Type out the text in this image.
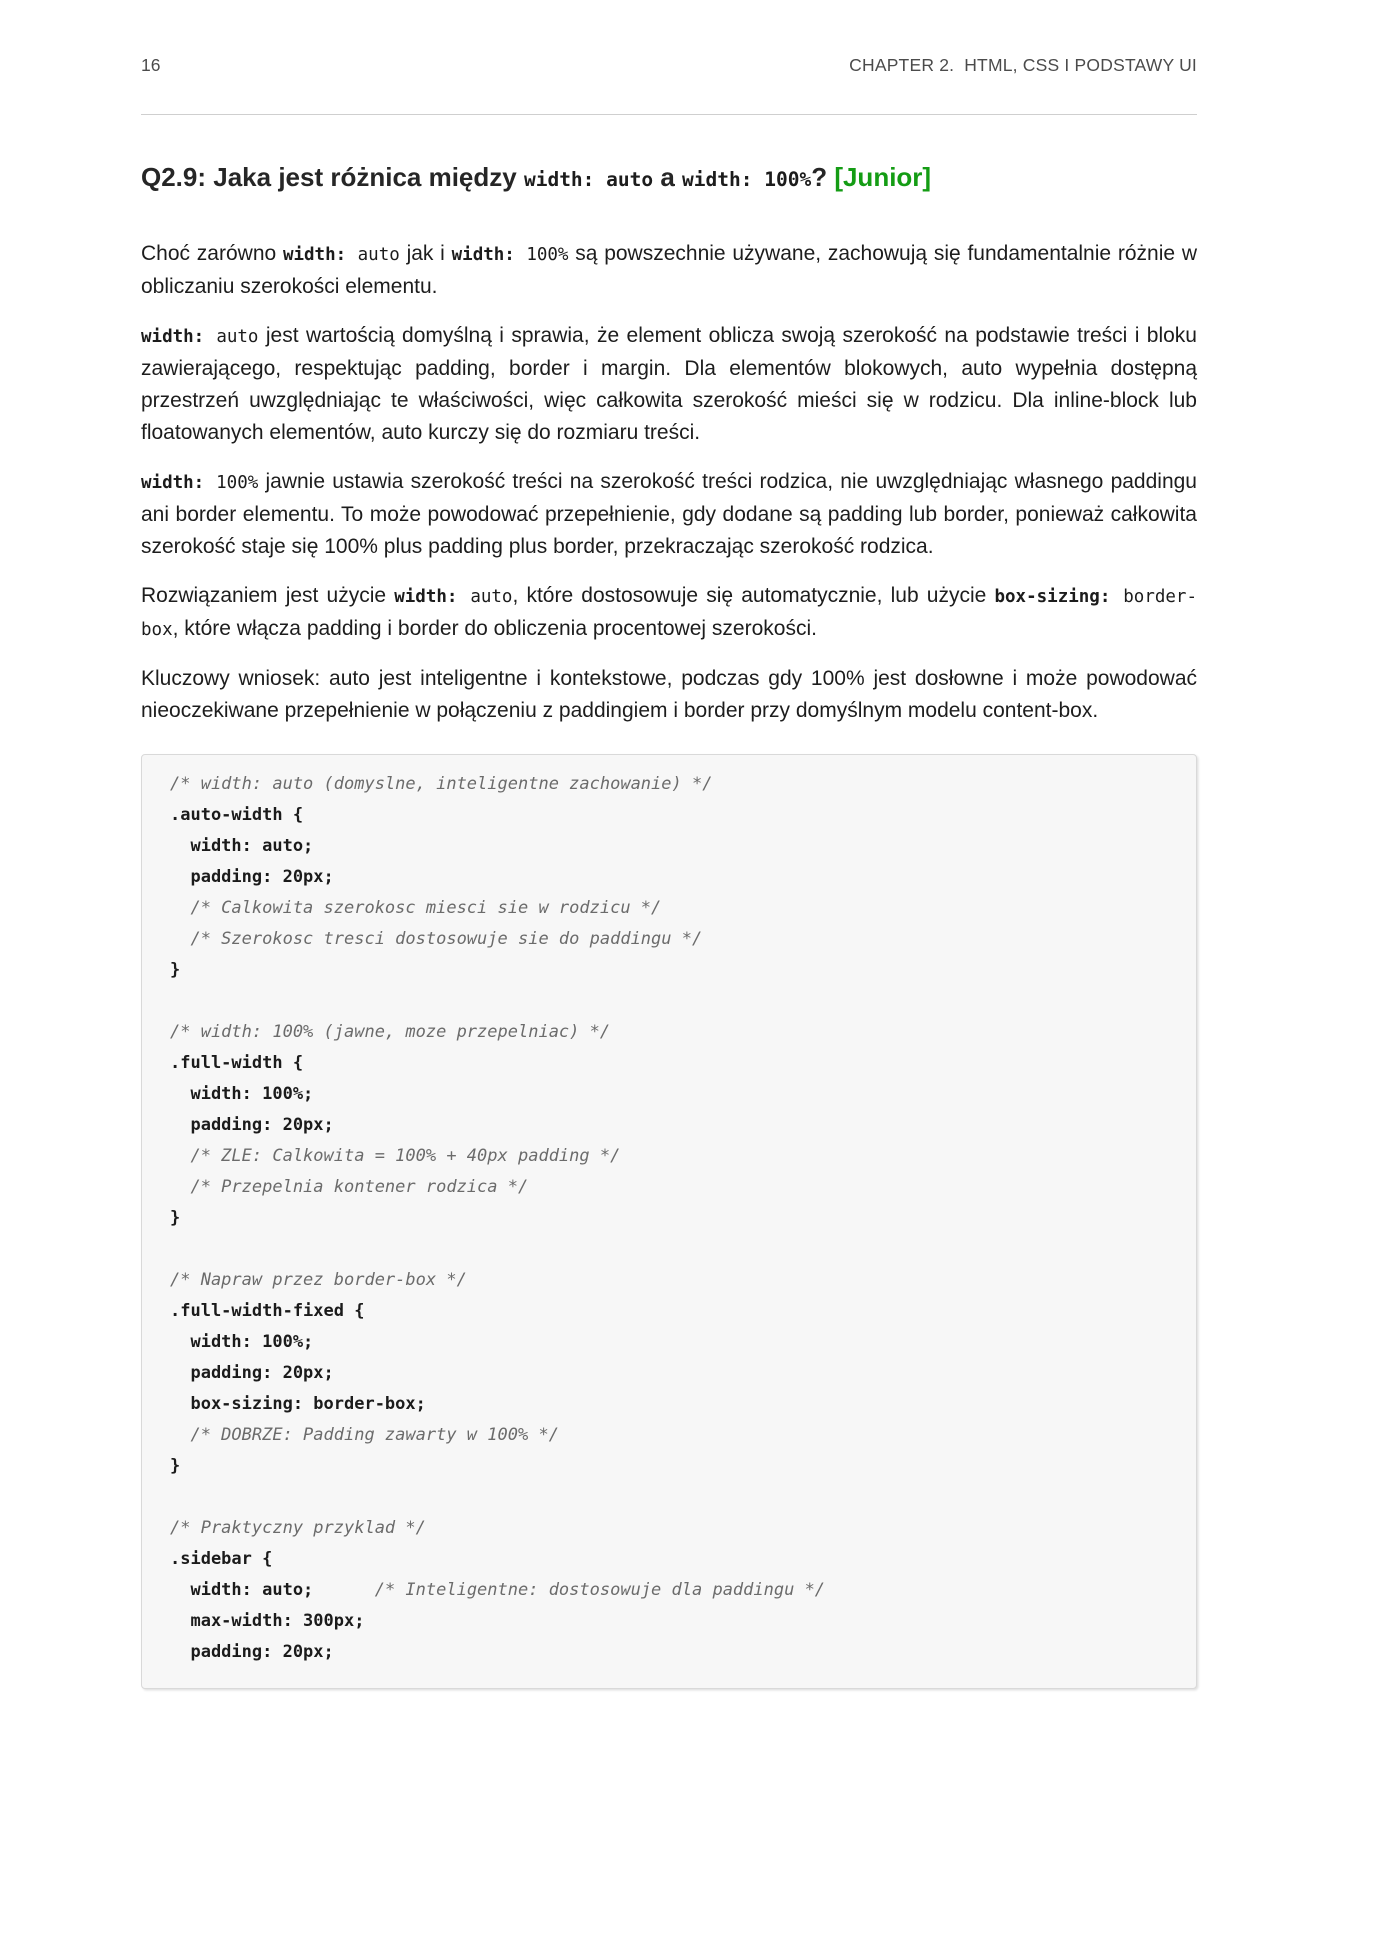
16	CHAPTER 2. HTML, CSS I PODSTAWY UI
Q2.9: Jaka jest różnica między width: auto a width: 100%? [Junior]

Choć zarówno width: auto jak i width: 100% są powszechnie używane, zachowują się fundamentalnie różnie w obliczaniu szerokości elementu.

width: auto jest wartością domyślną i sprawia, że element oblicza swoją szerokość na podstawie treści i bloku zawierającego, respektując padding, border i margin. Dla elementów blokowych, auto wypełnia dostępną przestrzeń uwzględniając te właściwości, więc całkowita szerokość mieści się w rodzicu. Dla inline-block lub floatowanych elementów, auto kurczy się do rozmiaru treści.

width: 100% jawnie ustawia szerokość treści na szerokość treści rodzica, nie uwzględniając własnego paddingu ani border elementu. To może powodować przepełnienie, gdy dodane są padding lub border, ponieważ całkowita szerokość staje się 100% plus padding plus border, przekraczając szerokość rodzica.

Rozwiązaniem jest użycie width: auto, które dostosowuje się automatycznie, lub użycie box-sizing: border-box, które włącza padding i border do obliczenia procentowej szerokości.

Kluczowy wniosek: auto jest inteligentne i kontekstowe, podczas gdy 100% jest dosłowne i może powodować nieoczekiwane przepełnienie w połączeniu z paddingiem i border przy domyślnym modelu content-box.

/* width: auto (domyslne, inteligentne zachowanie) */
.auto-width {
width: auto;
padding: 20px;
/* Calkowita szerokosc miesci sie w rodzicu */
/* Szerokosc tresci dostosowuje sie do paddingu */
}

/* width: 100% (jawne, moze przepelniac) */
.full-width {
width: 100%;
padding: 20px;
/* ZLE: Calkowita = 100% + 40px padding */
/* Przepelnia kontener rodzica */
}

/* Napraw przez border-box */
.full-width-fixed {
width: 100%;
padding: 20px;
box-sizing: border-box;
/* DOBRZE: Padding zawarty w 100% */
}

/* Praktyczny przyklad */
.sidebar {
width: auto;      /* Inteligentne: dostosowuje dla paddingu */
max-width: 300px;
padding: 20px;
